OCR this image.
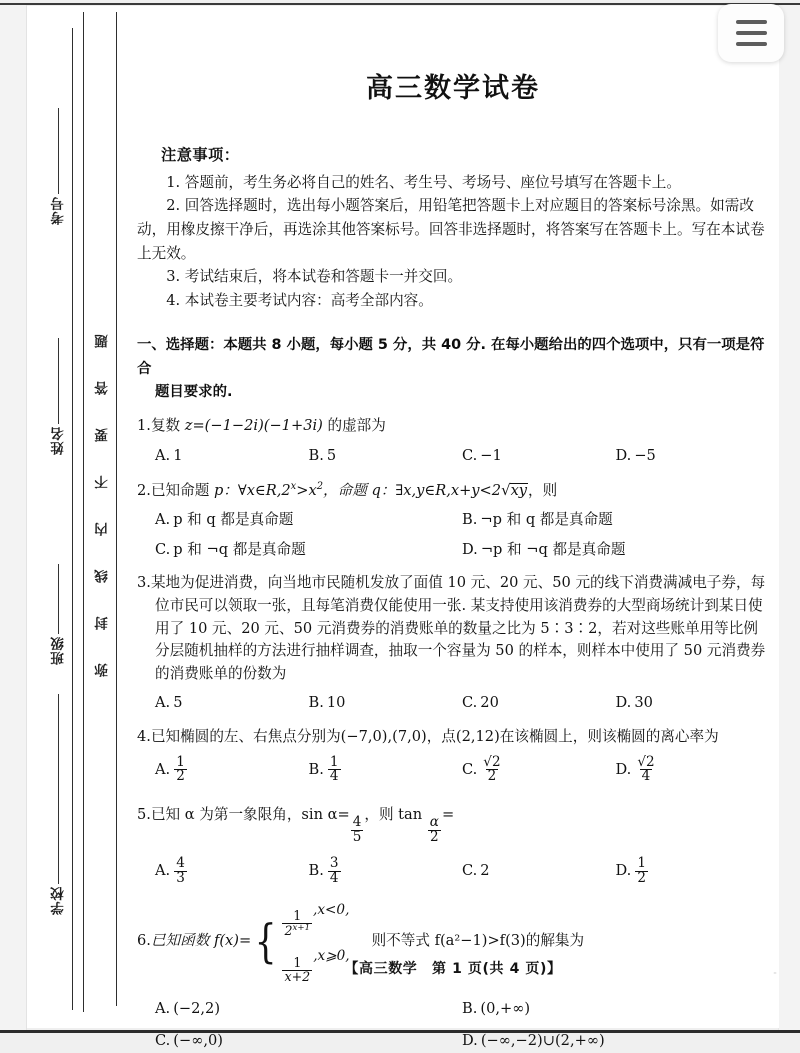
题
答
要
不
内
线
封
弥
考号
姓名
班级
学校
高三数学试卷
注意事项：

1. 答题前，考生务必将自己的姓名、考生号、考场号、座位号填写在答题卡上。

2. 回答选择题时，选出每小题答案后，用铅笔把答题卡上对应题目的答案标号涂黑。如需改动，用橡皮擦干净后，再选涂其他答案标号。回答非选择题时，将答案写在答题卡上。写在本试卷上无效。

3. 考试结束后，将本试卷和答题卡一并交回。

4. 本试卷主要考试内容：高考全部内容。

一、选择题：本题共 8 小题，每小题 5 分，共 40 分. 在每小题给出的四个选项中，只有一项是符合
题目要求的.
1.复数 z=(−1−2i)(−1+3i) 的虚部为
A. 1	B. 5	C. −1	D. −5
2.已知命题 p：$\forall x\in R,2^x>x^2$，命题 q：∃x,y∈R,x+y<2 √ xy ，则
A. p 和 q 都是真命题	B. ¬p 和 q 都是真命题
C. p 和 ¬q 都是真命题	D. ¬p 和 ¬q 都是真命题
3.某地为促进消费，向当地市民随机发放了面值 10 元、20 元、50 元的线下消费满减电子券，每位市民可以领取一张，且每笔消费仅能使用一张. 某支持使用该消费券的大型商场统计到某日使用了 10 元、20 元、50 元消费券的消费账单的数量之比为 5∶3∶2，若对这些账单用等比例分层随机抽样的方法进行抽样调查，抽取一个容量为 50 的样本，则样本中使用了 50 元消费券的消费账单的份数为
A. 5	B. 10	C. 20	D. 30
4.已知椭圆的左、右焦点分别为(−7,0),(7,0)，点(2,12)在该椭圆上，则该椭圆的离心率为
A. $\frac{1}{2}$	B. $\frac{1}{4}$	C. $\frac{√2}{2}$	D. $\frac{√2}{4}$
5.已知 α 为第一象限角，sin α=
$\frac{4}{5}$
，则 tan
$\frac{\alpha}{2}$
=
A. $\frac{4}{3}$	B. $\frac{3}{4}$	C. 2	D. $\frac{1}{2}$
6.已知函数 f(x)= { $\frac{1}{2^{x+1}}$
,x<0,
$\frac{1}{x+2}$
,x⩾0,
则不等式 f(a²−1)>f(3)的解集为
A. (−2,2)	B. (0,+∞)
C. (−∞,0)	D. (−∞,−2)∪(2,+∞)
【高三数学　第 1 页(共 4 页)】	··
